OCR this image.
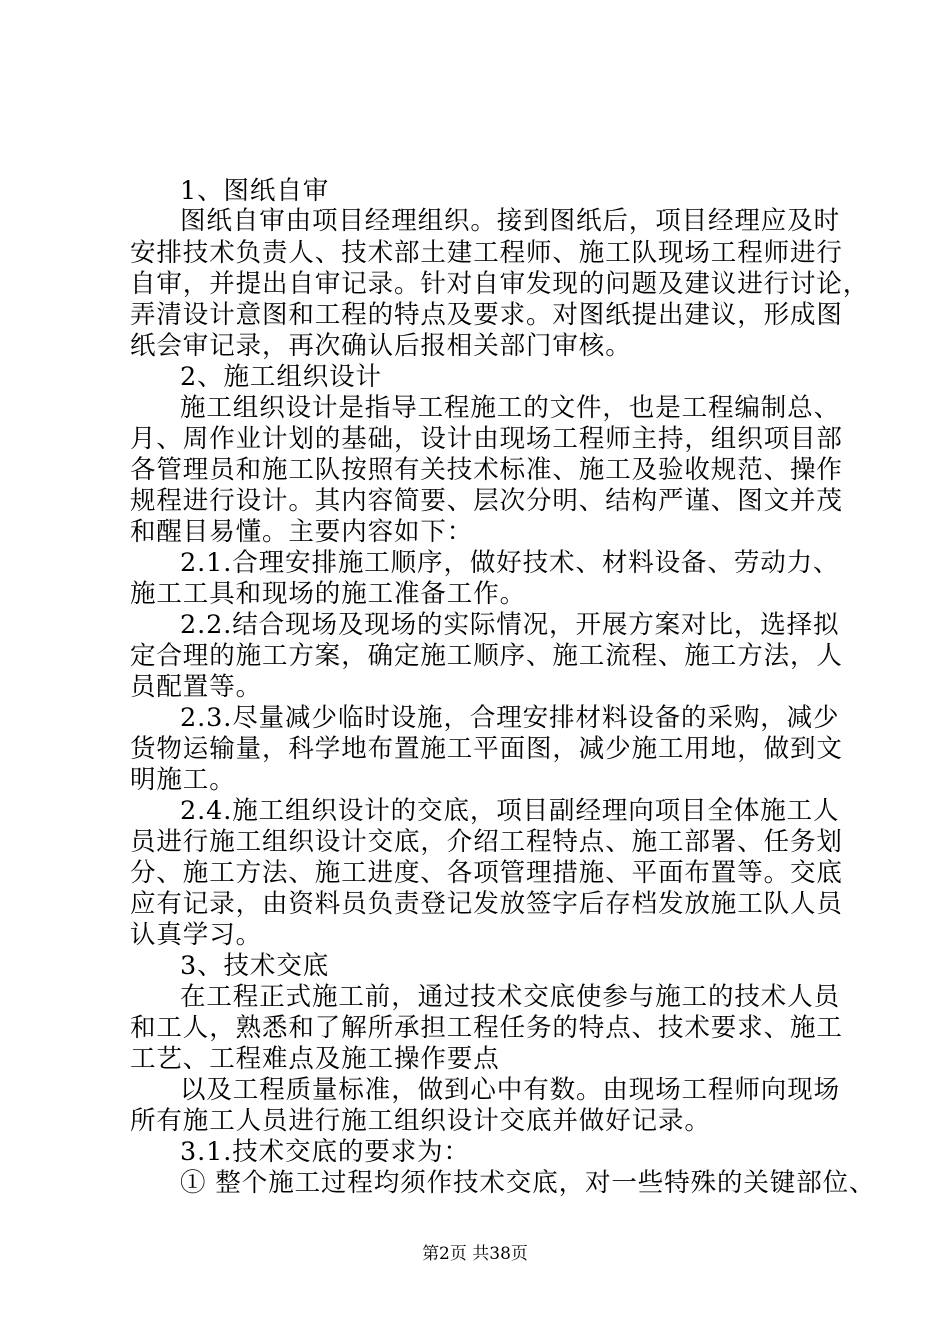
1、图纸自审
图纸自审由项目经理组织。接到图纸后，项目经理应及时
安排技术负责人、技术部土建工程师、施工队现场工程师进行
自审，并提出自审记录。针对自审发现的问题及建议进行讨论，
弄清设计意图和工程的特点及要求。对图纸提出建议，形成图
纸会审记录，再次确认后报相关部门审核。
2、施工组织设计
施工组织设计是指导工程施工的文件，也是工程编制总、
月、周作业计划的基础，设计由现场工程师主持，组织项目部
各管理员和施工队按照有关技术标准、施工及验收规范、操作
规程进行设计。其内容简要、层次分明、结构严谨、图文并茂
和醒目易懂。主要内容如下：
2.1.合理安排施工顺序，做好技术、材料设备、劳动力、
施工工具和现场的施工准备工作。
2.2.结合现场及现场的实际情况，开展方案对比，选择拟
定合理的施工方案，确定施工顺序、施工流程、施工方法，人
员配置等。
2.3.尽量减少临时设施，合理安排材料设备的采购，减少
货物运输量，科学地布置施工平面图，减少施工用地，做到文
明施工。
2.4.施工组织设计的交底，项目副经理向项目全体施工人
员进行施工组织设计交底，介绍工程特点、施工部署、任务划
分、施工方法、施工进度、各项管理措施、平面布置等。交底
应有记录，由资料员负责登记发放签字后存档发放施工队人员
认真学习。
3、技术交底
在工程正式施工前，通过技术交底使参与施工的技术人员
和工人，熟悉和了解所承担工程任务的特点、技术要求、施工
工艺、工程难点及施工操作要点
以及工程质量标准，做到心中有数。由现场工程师向现场
所有施工人员进行施工组织设计交底并做好记录。
3.1.技术交底的要求为：
① 整个施工过程均须作技术交底，对一些特殊的关键部位、
第2页 共38页
